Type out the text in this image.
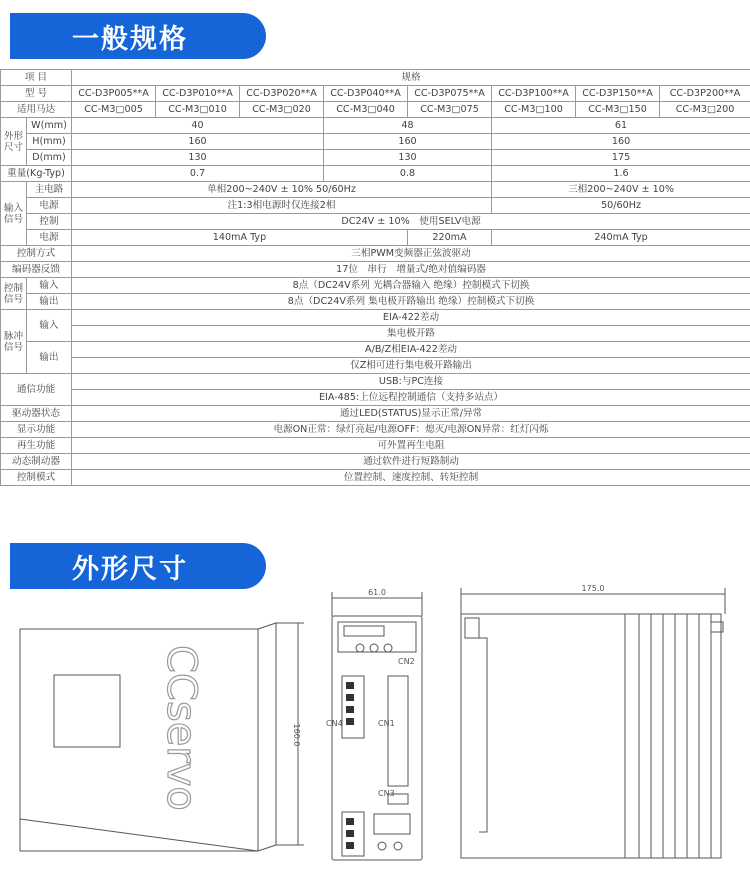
一般规格
外形尺寸
项 目		规格							
型 号		CC-D3P005**A	CC-D3P010**A	CC-D3P020**A	CC-D3P040**A	CC-D3P075**A	CC-D3P100**A	CC-D3P150**A	CC-D3P200**A
适用马达		CC-M3□005	CC-M3□010	CC-M3□020	CC-M3□040	CC-M3□075	CC-M3□100	CC-M3□150	CC-M3□200
外形尺寸	W(mm)	40			48		61		
	H(mm)	160			160		160		
	D(mm)	130			130		175		
重量(Kg-Typ)		0.7			0.8		1.6		
输入信号	主电路	单相200~240V ± 10% 50/60Hz					三相200~240V ± 10%		
	电源	注1:3相电源时仅连接2相					50/60Hz		
	控制	DC24V ± 10%　使用SELV电源							
	电源	140mA Typ				220mA	240mA Typ		
控制方式		三相PWM变频器正弦波驱动							
编码器反馈		17位　串行　增量式/绝对值编码器							
控制信号	输入	8点（DC24V系列 光耦合器输入 绝缘）控制模式下切换							
	输出	8点（DC24V系列 集电极开路输出 绝缘）控制模式下切换							
脉冲信号	输入	EIA-422差动							
		集电极开路							
	输出	A/B/Z相EIA-422差动							
		仅Z相可进行集电极开路输出							
通信功能		USB:与PC连接							
		EIA-485:上位远程控制通信（支持多站点）							
驱动器状态		通过LED(STATUS)显示正常/异常							
显示功能		电源ON正常：绿灯亮起/电源OFF：熄灭/电源ON异常：红灯闪烁							
再生功能		可外置再生电阻							
动态制动器		通过软件进行短路制动							
控制模式		位置控制、速度控制、转矩控制							
160.0
CCservo
61.0
CN4
CN3
CN2
CN1
175.0
